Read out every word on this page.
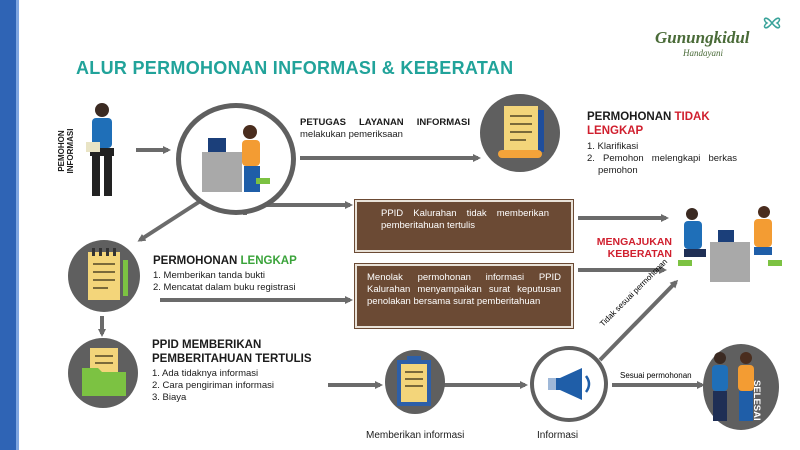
Gunungkidul
Handayani
ALUR PERMOHONAN INFORMASI & KEBERATAN
PEMOHON INFORMASI
PETUGAS LAYANAN INFORMASI melakukan pemeriksaan
PERMOHONAN TIDAK LENGKAP
1. Klarifikasi
2. Pemohon melengkapi berkas pemohon
PPID Kalurahan tidak memberikan pemberitahuan tertulis
Menolak permohonan informasi PPID Kalurahan menyampaikan surat keputusan penolakan bersama surat pemberitahuan
MENGAJUKAN
KEBERATAN
PERMOHONAN LENGKAP
1. Memberikan tanda bukti
2. Mencatat dalam buku registrasi
PPID MEMBERIKAN
PEMBERITAHUAN TERTULIS
1. Ada tidaknya informasi
2. Cara pengiriman informasi
3. Biaya
Memberikan informasi	Informasi
Tidak sesuai permohonan
Sesuai permohonan
SELESAI
